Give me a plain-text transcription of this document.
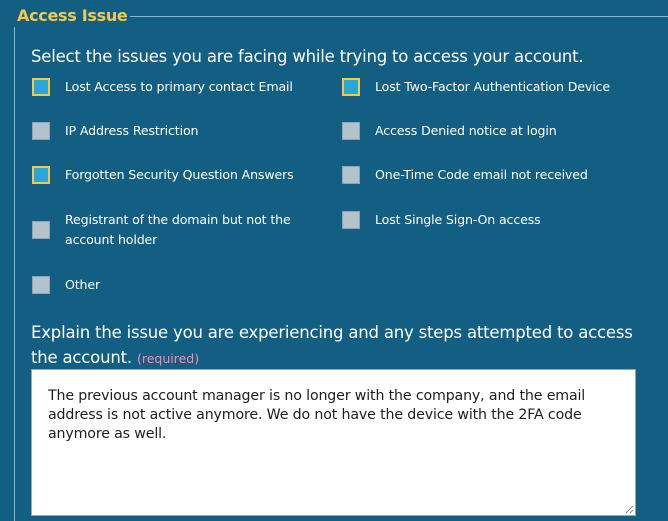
Access Issue
Select the issues you are facing while trying to access your account.
Lost Access to primary contact Email	Lost Two-Factor Authentication Device
IP Address Restriction	Access Denied notice at login
Forgotten Security Question Answers	One-Time Code email not received
Registrant of the domain but not the account holder
Lost Single Sign-On access
Other
Explain the issue you are experiencing and any steps attempted to access the account. (required)
The previous account manager is no longer with the company, and the email address is not active anymore. We do not have the device with the 2FA code anymore as well.
